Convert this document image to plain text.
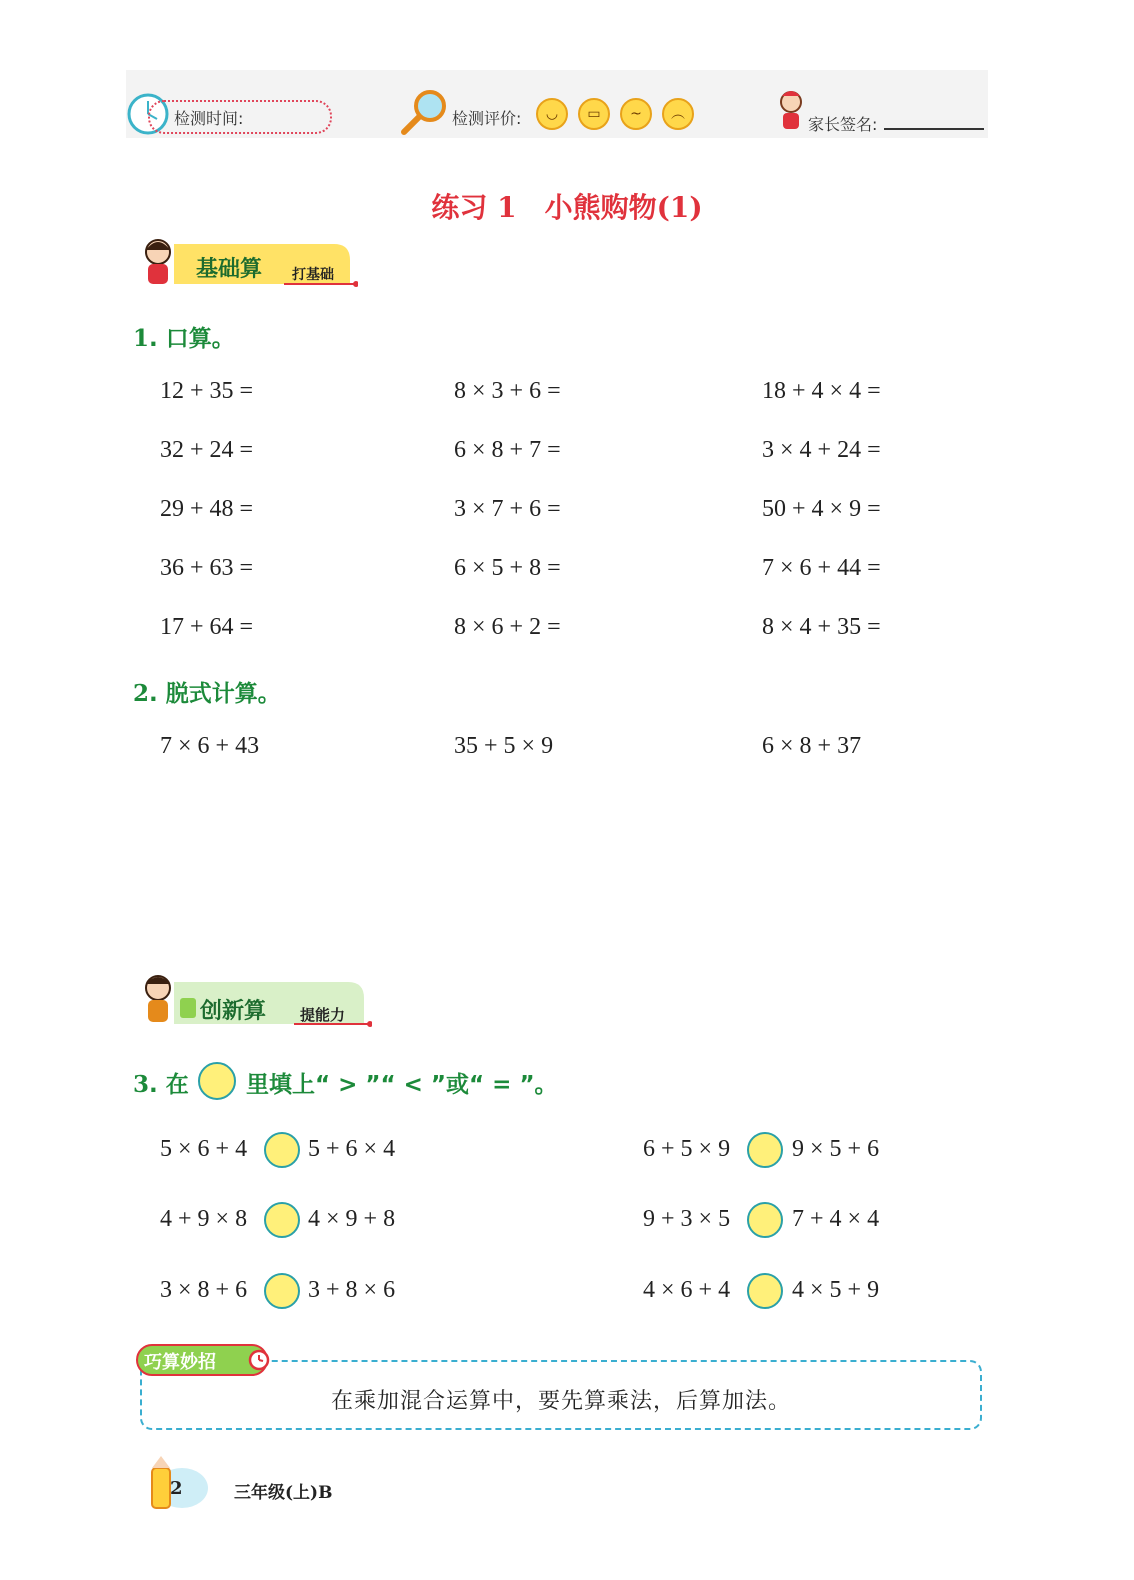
检测时间:	检测评价:	◡	▭	~	︵
家长签名:
练习 1　小熊购物(1)
基础算 打基础
1. 口算。
12 + 35 =	8 × 3 + 6 =	18 + 4 × 4 =
32 + 24 =	6 × 8 + 7 =	3 × 4 + 24 =
29 + 48 =	3 × 7 + 6 =	50 + 4 × 9 =
36 + 63 =	6 × 5 + 8 =	7 × 6 + 44 =
17 + 64 =	8 × 6 + 2 =	8 × 4 + 35 =
2. 脱式计算。
7 × 6 + 43	35 + 5 × 9	6 × 8 + 37
创新算 提能力
3. 在 里填上“ > ”“ < ”或“ = ”。
5 × 6 + 4	5 + 6 × 4	6 + 5 × 9	9 × 5 + 6
4 + 9 × 8	4 × 9 + 8	9 + 3 × 5	7 + 4 × 4
3 × 8 + 6	3 + 8 × 6	4 × 6 + 4	4 × 5 + 9
巧算妙招
在乘加混合运算中，要先算乘法，后算加法。
2	三年级(上)B
